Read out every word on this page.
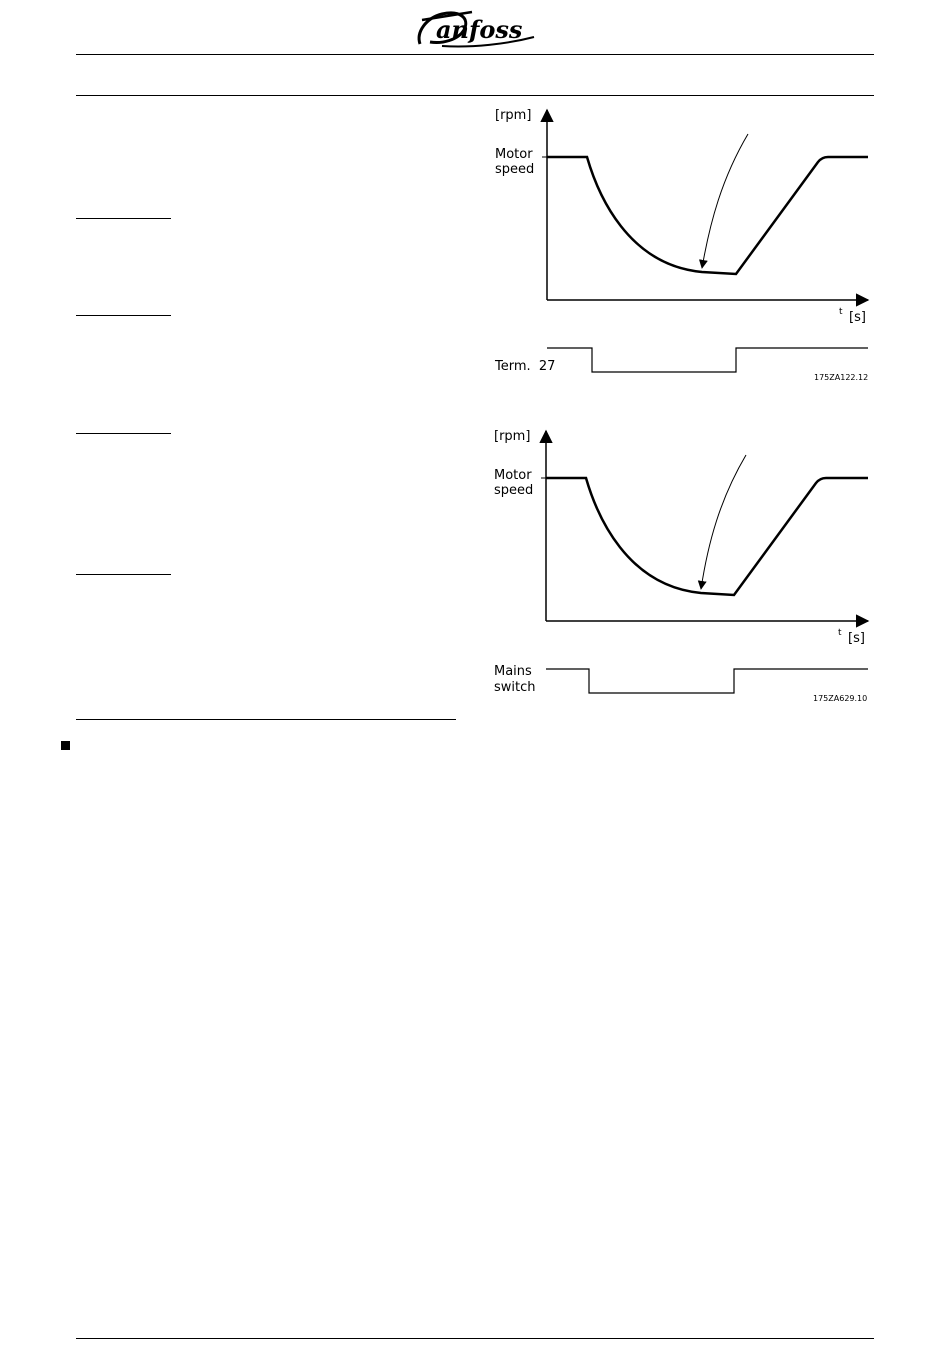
anfoss
[rpm]
Motor
speed
t [s]
Term.  27
175ZA122.12
[rpm]
Motor
speed
t [s]
Mains
switch
175ZA629.10
